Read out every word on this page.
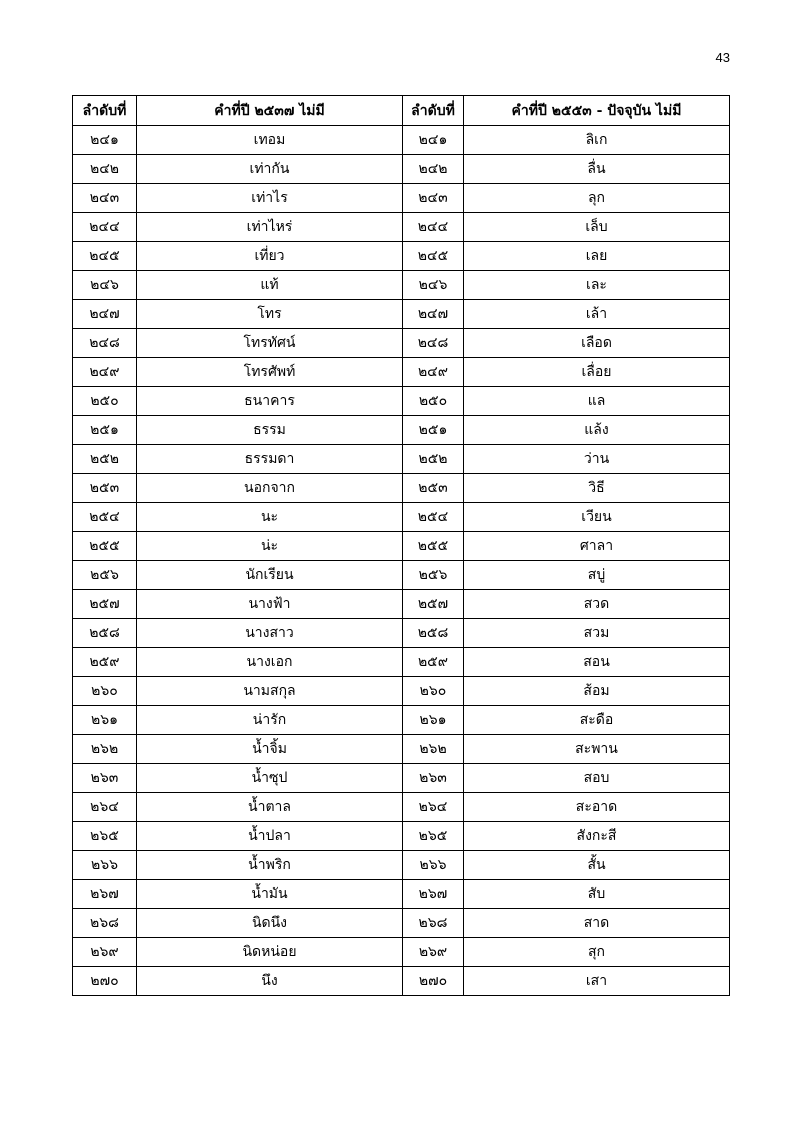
43
ลำดับที่	คำที่ปี ๒๕๓๗ ไม่มี	ลำดับที่	คำที่ปี ๒๕๕๓ - ปัจจุบัน ไม่มี
๒๔๑	เทอม	๒๔๑	ลิเก
๒๔๒	เท่ากัน	๒๔๒	ลื่น
๒๔๓	เท่าไร	๒๔๓	ลุก
๒๔๔	เท่าไหร่	๒๔๔	เล็บ
๒๔๕	เที่ยว	๒๔๕	เลย
๒๔๖	แท้	๒๔๖	เละ
๒๔๗	โทร	๒๔๗	เล้า
๒๔๘	โทรทัศน์	๒๔๘	เลือด
๒๔๙	โทรศัพท์	๒๔๙	เลื่อย
๒๕๐	ธนาคาร	๒๕๐	แล
๒๕๑	ธรรม	๒๕๑	แล้ง
๒๕๒	ธรรมดา	๒๕๒	ว่าน
๒๕๓	นอกจาก	๒๕๓	วิธี
๒๕๔	นะ	๒๕๔	เวียน
๒๕๕	น่ะ	๒๕๕	ศาลา
๒๕๖	นักเรียน	๒๕๖	สบู่
๒๕๗	นางฟ้า	๒๕๗	สวด
๒๕๘	นางสาว	๒๕๘	สวม
๒๕๙	นางเอก	๒๕๙	สอน
๒๖๐	นามสกุล	๒๖๐	ส้อม
๒๖๑	น่ารัก	๒๖๑	สะดือ
๒๖๒	น้ำจิ้ม	๒๖๒	สะพาน
๒๖๓	น้ำซุป	๒๖๓	สอบ
๒๖๔	น้ำตาล	๒๖๔	สะอาด
๒๖๕	น้ำปลา	๒๖๕	สังกะสี
๒๖๖	น้ำพริก	๒๖๖	สั้น
๒๖๗	น้ำมัน	๒๖๗	สับ
๒๖๘	นิดนึง	๒๖๘	สาด
๒๖๙	นิดหน่อย	๒๖๙	สุก
๒๗๐	นึง	๒๗๐	เสา
